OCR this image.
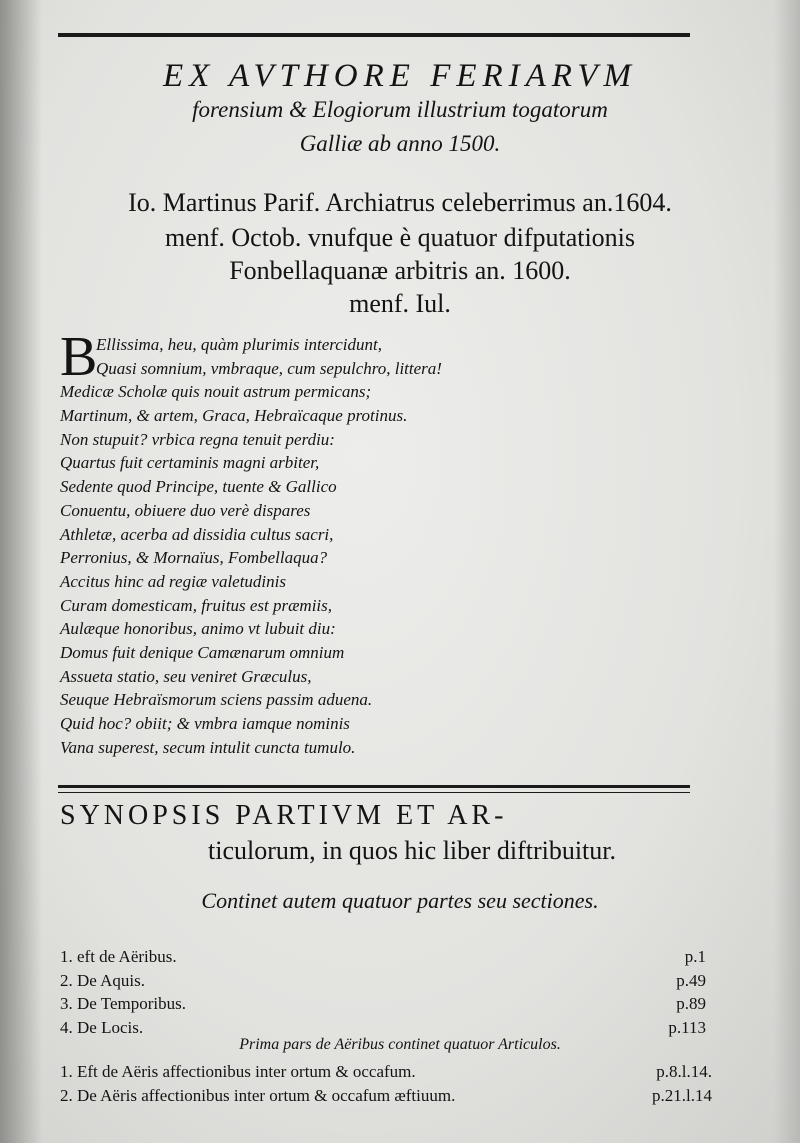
EX AVTHORE FERIARVM
forensium & Elogiorum illustrium togatorum
Galliæ ab anno 1500.
Io. Martinus Parif. Archiatrus celeberrimus an.1604.
menf. Octob. vnufque è quatuor difputationis
Fonbellaquanæ arbitris an. 1600.
menf. Iul.
B
Ellissima, heu, quàm plurimis intercidunt,
Quasi somnium, vmbraque, cum sepulchro, littera!
Medicæ Scholæ quis nouit astrum permicans;
Martinum, & artem, Graca, Hebraïcaque protinus.
Non stupuit? vrbica regna tenuit perdiu:
Quartus fuit certaminis magni arbiter,
Sedente quod Principe, tuente & Gallico
Conuentu, obiuere duo verè dispares
Athletæ, acerba ad dissidia cultus sacri,
Perronius, & Mornaïus, Fombellaqua?
Accitus hinc ad regiæ valetudinis
Curam domesticam, fruitus est præmiis,
Aulæque honoribus, animo vt lubuit diu:
Domus fuit denique Camænarum omnium
Assueta statio, seu veniret Græculus,
Seuque Hebraïsmorum sciens passim aduena.
Quid hoc? obiit; & vmbra iamque nominis
Vana superest, secum intulit cuncta tumulo.
SYNOPSIS PARTIVM ET AR-
ticulorum, in quos hic liber diftribuitur.
Continet autem quatuor partes seu sectiones.
1. eft de Aëribus.	p.1
2. De Aquis.	p.49
3. De Temporibus.	p.89
4. De Locis.	p.113
Prima pars de Aëribus continet quatuor Articulos.
1. Eft de Aëris affectionibus inter ortum & occafum.	p.8.l.14.
2. De Aëris affectionibus inter ortum & occafum æftiuum.	p.21.l.14
